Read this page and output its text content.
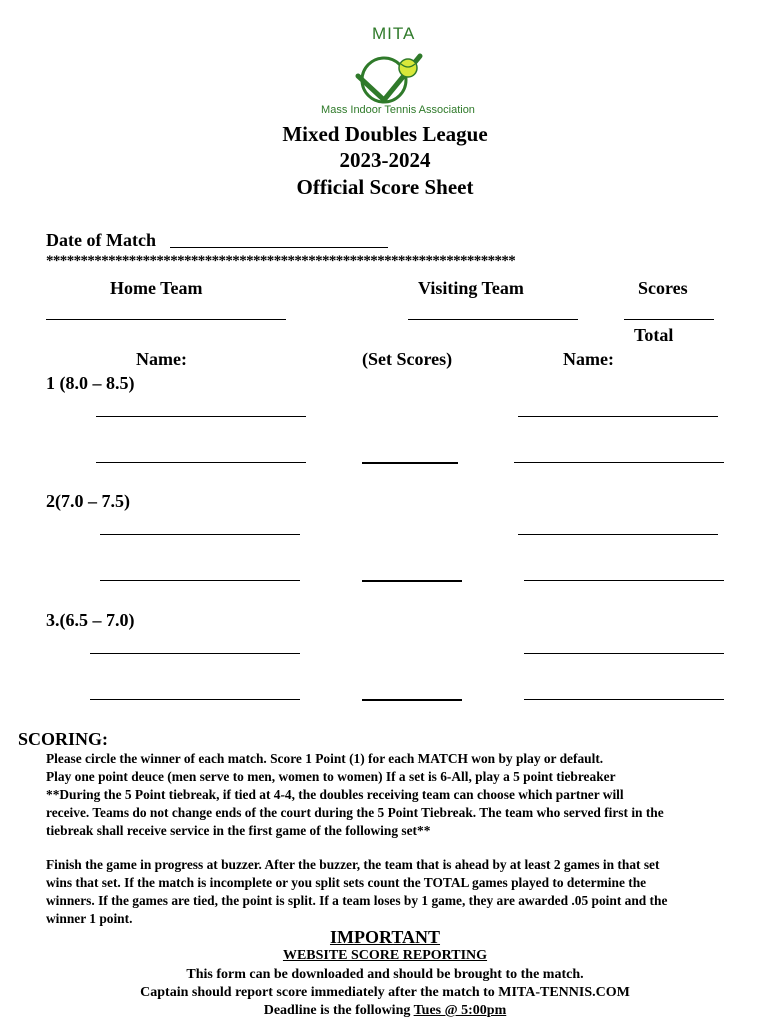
MITA
Mass Indoor Tennis Association
Mixed Doubles League
2023-2024
Official Score Sheet
Date of Match
********************************************************************
Home Team	Visiting Team	Scores
Total
Name:	(Set Scores)	Name:
1 (8.0 – 8.5)
2(7.0 – 7.5)
3.(6.5 – 7.0)
SCORING:
Please circle the winner of each match. Score 1 Point (1) for each MATCH won by play or default.
Play one point deuce (men serve to men, women to women) If a set is 6-All, play a 5 point tiebreaker
**During the 5 Point tiebreak, if tied at 4-4, the doubles receiving team can choose which partner will
receive. Teams do not change ends of the court during the 5 Point Tiebreak. The team who served first in the
tiebreak shall receive service in the first game of the following set**
Finish the game in progress at buzzer. After the buzzer, the team that is ahead by at least 2 games in that set
wins that set. If the match is incomplete or you split sets count the TOTAL games played to determine the
winners. If the games are tied, the point is split. If a team loses by 1 game, they are awarded .05 point and the
winner 1 point.
IMPORTANT
WEBSITE SCORE REPORTING
This form can be downloaded and should be brought to the match.
Captain should report score immediately after the match to MITA-TENNIS.COM
Deadline is the following Tues @ 5:00pm
